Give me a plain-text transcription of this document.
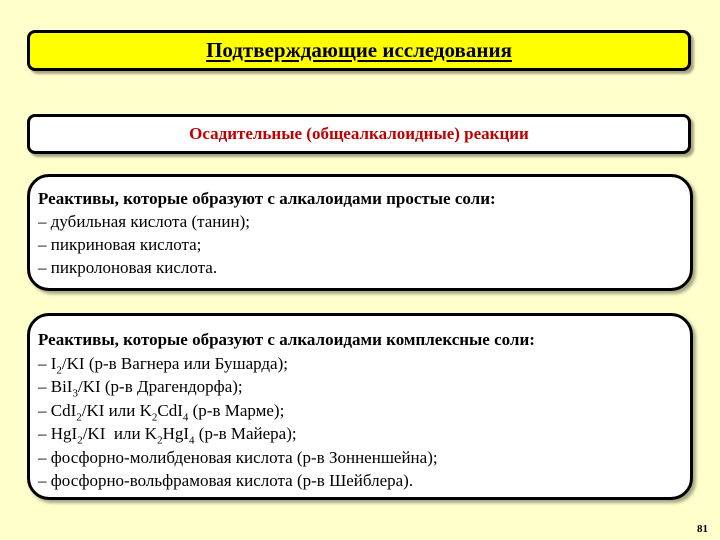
Подтверждающие исследования
Осадительные (общеалкалоидные) реакции
Реактивы, которые образуют с алкалоидами простые соли:
– дубильная кислота (танин);
– пикриновая кислота;
– пикролоновая кислота.
Реактивы, которые образуют с алкалоидами комплексные соли:
– $I_2/KI$ (р-в Вагнера или Бушарда);
– BiI$_3$/KI (р-в Драгендорфа);
– CdI$_2$/KI или $K_2CdI_4$ (р-в Марме);
– HgI$_2$/KI  или $K_2HgI_4$ (р-в Майера);
– фосфорно-молибденовая кислота (р-в Зонненшейна);
– фосфорно-вольфрамовая кислота (р-в Шейблера).
81
